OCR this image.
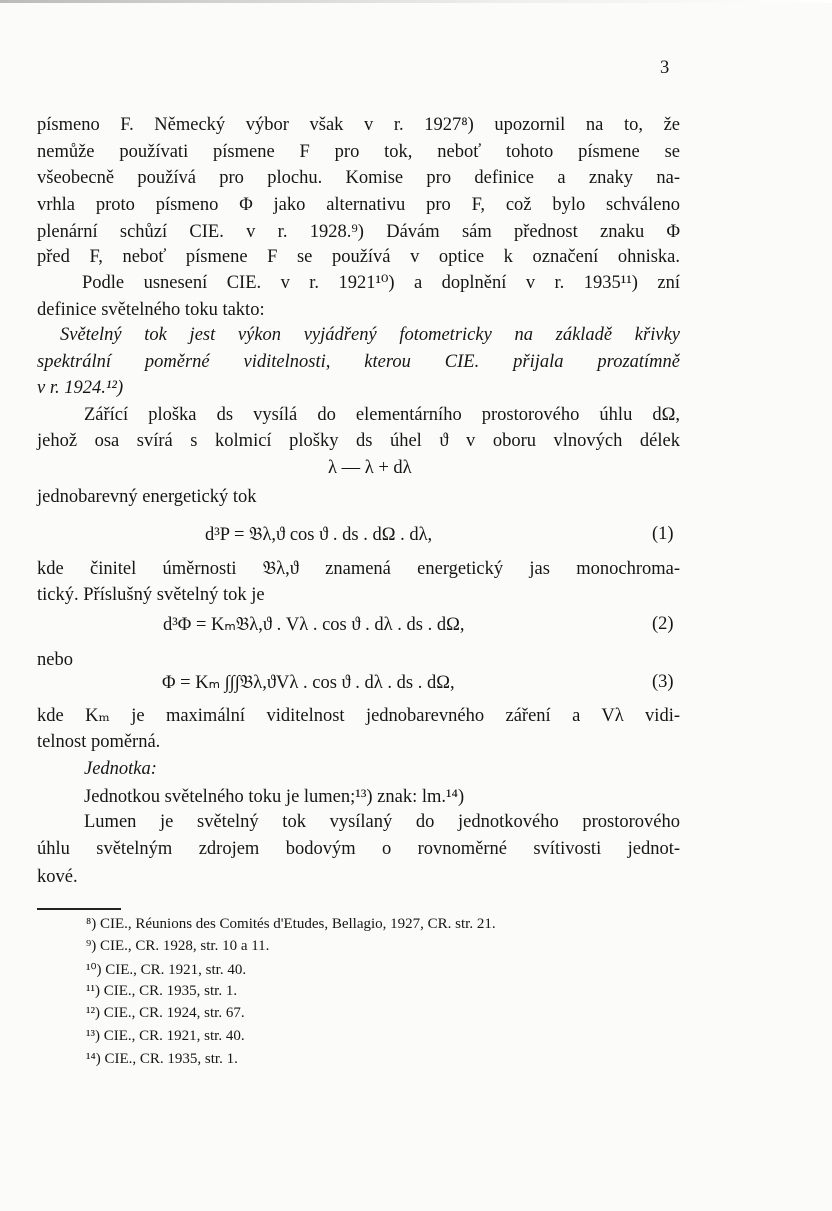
3
písmeno F. Německý výbor však v r. 1927⁸) upozornil na to, že
nemůže používati písmene F pro tok, neboť tohoto písmene se
všeobecně používá pro plochu. Komise pro definice a znaky na-
vrhla proto písmeno Φ jako alternativu pro F, což bylo schváleno
plenární schůzí CIE. v r. 1928.⁹) Dávám sám přednost znaku Φ
před F, neboť písmene F se používá v optice k označení ohniska.
Podle usnesení CIE. v r. 1921¹⁰) a doplnění v r. 1935¹¹) zní
definice světelného toku takto:
Světelný tok jest výkon vyjádřený fotometricky na základě křivky
spektrální poměrné viditelnosti, kterou CIE. přijala prozatímně
v r. 1924.¹²)
Zářící ploška ds vysílá do elementárního prostorového úhlu dΩ,
jehož osa svírá s kolmicí plošky ds úhel ϑ v oboru vlnových délek
λ — λ + dλ
jednobarevný energetický tok
d³P = 𝔅λ,ϑ cos ϑ . ds . dΩ . dλ,	(1)
kde činitel úměrnosti 𝔅λ,ϑ znamená energetický jas monochroma-
tický. Příslušný světelný tok je
d³Φ = Kₘ𝔅λ,ϑ . Vλ . cos ϑ . dλ . ds . dΩ,	(2)
nebo
Φ = Kₘ ∫∫∫𝔅λ,ϑVλ . cos ϑ . dλ . ds . dΩ,	(3)
kde Kₘ je maximální viditelnost jednobarevného záření a Vλ vidi-
telnost poměrná.
Jednotka:
Jednotkou světelného toku je lumen;¹³) znak: lm.¹⁴)
Lumen je světelný tok vysílaný do jednotkového prostorového
úhlu světelným zdrojem bodovým o rovnoměrné svítivosti jednot-
kové.
⁸) CIE., Réunions des Comités d'Etudes, Bellagio, 1927, CR. str. 21.
⁹) CIE., CR. 1928, str. 10 a 11.
¹⁰) CIE., CR. 1921, str. 40.
¹¹) CIE., CR. 1935, str. 1.
¹²) CIE., CR. 1924, str. 67.
¹³) CIE., CR. 1921, str. 40.
¹⁴) CIE., CR. 1935, str. 1.
